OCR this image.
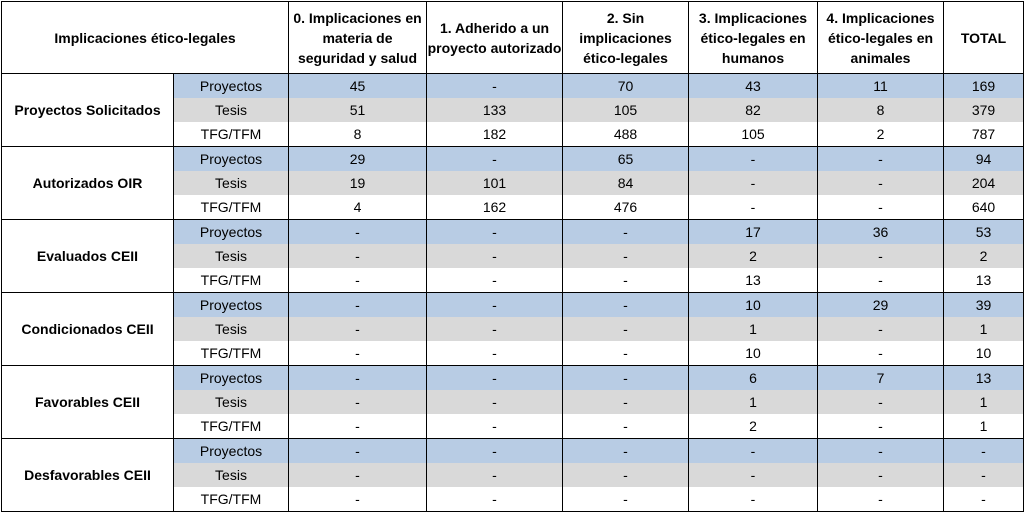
Implicaciones ético-legales		0. Implicaciones en materia de seguridad y salud	1. Adherido a un proyecto autorizado	2. Sin implicaciones ético-legales	3. Implicaciones ético-legales en humanos	4. Implicaciones ético-legales en animales	TOTAL
Proyectos Solicitados	Proyectos	45	-	70	43	11	169
	Tesis	51	133	105	82	8	379
	TFG/TFM	8	182	488	105	2	787
Autorizados OIR	Proyectos	29	-	65	-	-	94
	Tesis	19	101	84	-	-	204
	TFG/TFM	4	162	476	-	-	640
Evaluados CEII	Proyectos	-	-	-	17	36	53
	Tesis	-	-	-	2	-	2
	TFG/TFM	-	-	-	13	-	13
Condicionados CEII	Proyectos	-	-	-	10	29	39
	Tesis	-	-	-	1	-	1
	TFG/TFM	-	-	-	10	-	10
Favorables CEII	Proyectos	-	-	-	6	7	13
	Tesis	-	-	-	1	-	1
	TFG/TFM	-	-	-	2	-	1
Desfavorables CEII	Proyectos	-	-	-	-	-	-
	Tesis	-	-	-	-	-	-
	TFG/TFM	-	-	-	-	-	-
